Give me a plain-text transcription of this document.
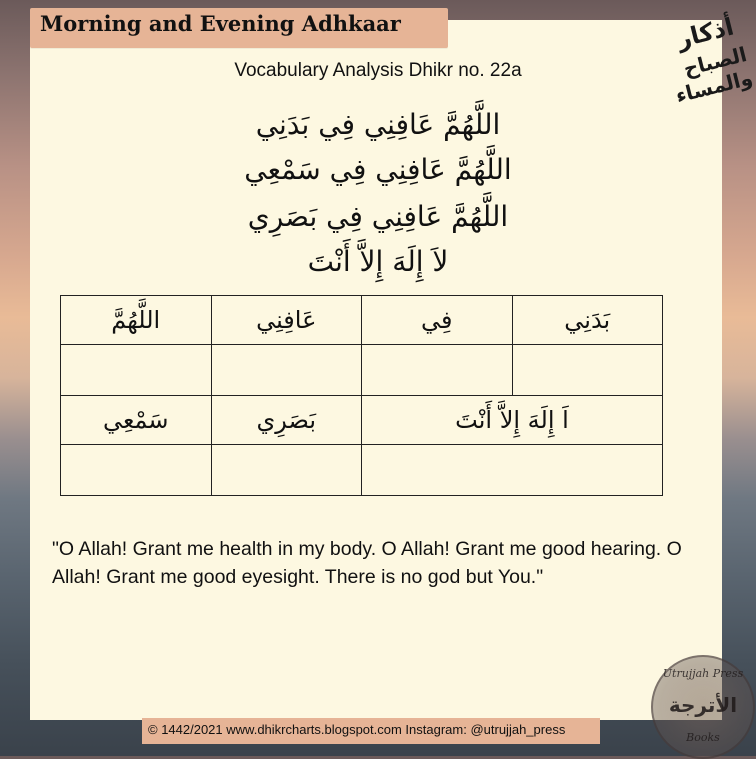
Morning and Evening Adhkaar	أذكار
الصباح والمساء
Vocabulary Analysis Dhikr no. 22a
اللَّهُمَّ عَافِنِي فِي بَدَنِي
اللَّهُمَّ عَافِنِي فِي سَمْعِي
اللَّهُمَّ عَافِنِي فِي بَصَرِي
لاَ إِلَهَ إِلاَّ أَنْتَ
اللَّهُمَّ	عَافِنِي	فِي	بَدَنِي

سَمْعِي	بَصَرِي	اَ إِلَهَ إِلاَّ أَنْتَ	

"O Allah! Grant me health in my body. O Allah! Grant me good hearing. O Allah! Grant me good eyesight. There is no god but You."
Utrujjah Press
الأترجة
Books
© 1442/2021 www.dhikrcharts.blogspot.com Instagram: @utrujjah_press
